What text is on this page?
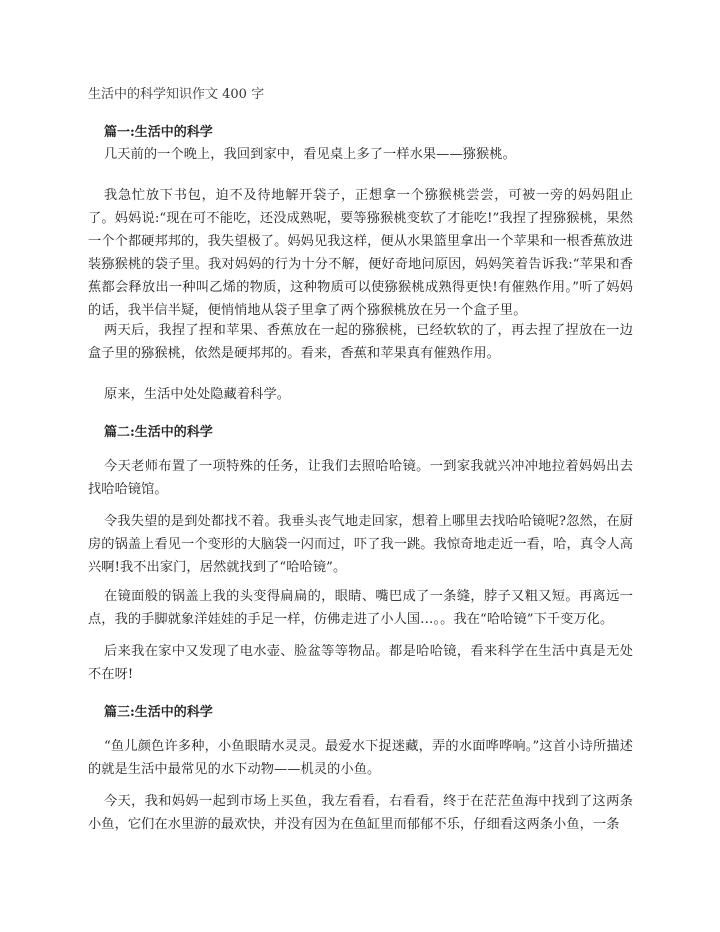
生活中的科学知识作文 400 字
篇一:生活中的科学

几天前的一个晚上，我回到家中，看见桌上多了一样水果——猕猴桃。

我急忙放下书包，迫不及待地解开袋子，正想拿一个猕猴桃尝尝，可被一旁的妈妈阻止了。妈妈说:“现在可不能吃，还没成熟呢，要等猕猴桃变软了才能吃!”我捏了捏猕猴桃，果然一个个都硬邦邦的，我失望极了。妈妈见我这样，便从水果篮里拿出一个苹果和一根香蕉放进装猕猴桃的袋子里。我对妈妈的行为十分不解，便好奇地问原因，妈妈笑着告诉我:“苹果和香蕉都会释放出一种叫乙烯的物质，这种物质可以使猕猴桃成熟得更快!有催熟作用。”听了妈妈的话，我半信半疑，便悄悄地从袋子里拿了两个猕猴桃放在另一个盒子里。

两天后，我捏了捏和苹果、香蕉放在一起的猕猴桃，已经软软的了，再去捏了捏放在一边盒子里的猕猴桃，依然是硬邦邦的。看来，香蕉和苹果真有催熟作用。

原来，生活中处处隐藏着科学。

篇二:生活中的科学

今天老师布置了一项特殊的任务，让我们去照哈哈镜。一到家我就兴冲冲地拉着妈妈出去找哈哈镜馆。

令我失望的是到处都找不着。我垂头丧气地走回家，想着上哪里去找哈哈镜呢?忽然，在厨房的锅盖上看见一个变形的大脑袋一闪而过，吓了我一跳。我惊奇地走近一看，哈，真令人高兴啊!我不出家门，居然就找到了“哈哈镜”。

在镜面般的锅盖上我的头变得扁扁的，眼睛、嘴巴成了一条缝，脖子又粗又短。再离远一点，我的手脚就象洋娃娃的手足一样，仿佛走进了小人国…。。我在“哈哈镜”下千变万化。

后来我在家中又发现了电水壶、脸盆等等物品。都是哈哈镜，看来科学在生活中真是无处不在呀!

篇三:生活中的科学

“鱼儿颜色许多种，小鱼眼睛水灵灵。最爱水下捉迷藏，弄的水面哗哗响。”这首小诗所描述的就是生活中最常见的水下动物——机灵的小鱼。

今天，我和妈妈一起到市场上买鱼，我左看看，右看看，终于在茫茫鱼海中找到了这两条小鱼，它们在水里游的最欢快，并没有因为在鱼缸里而郁郁不乐，仔细看这两条小鱼，一条
